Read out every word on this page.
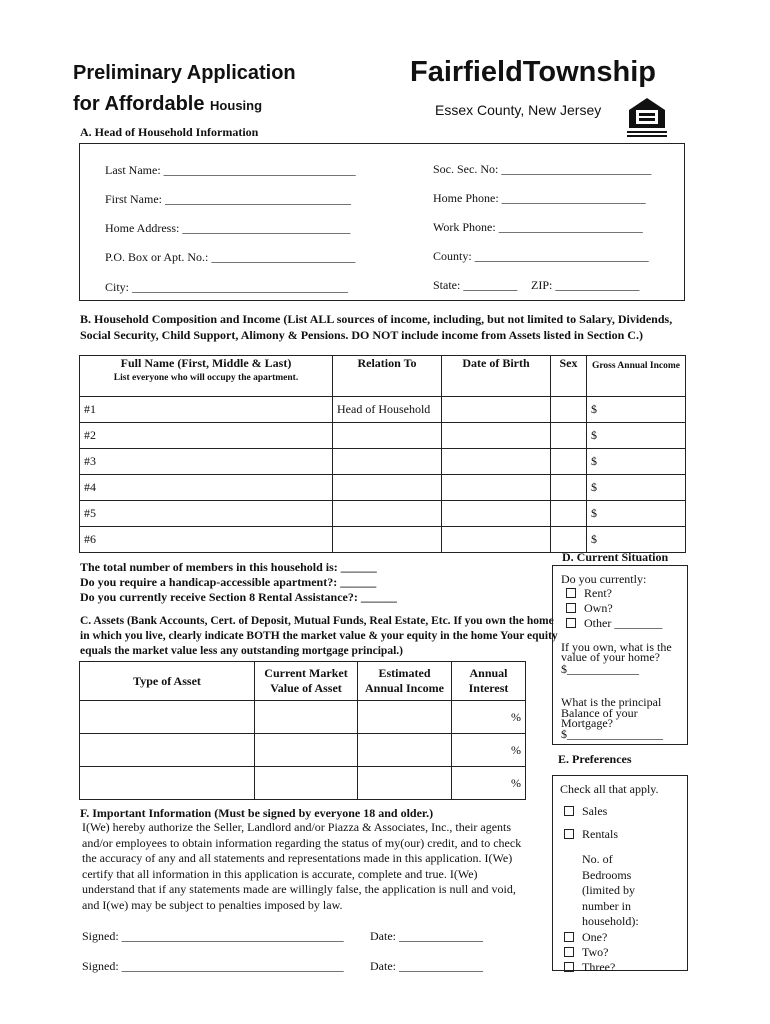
Preliminary Application
for Affordable Housing
FairfieldTownship
Essex County, New Jersey
A. Head of Household Information
Last Name: ________________________________
First Name: _______________________________
Home Address: ____________________________
P.O. Box or Apt. No.: ________________________
City: ____________________________________
Soc. Sec. No: _________________________
Home Phone: ________________________
Work Phone: ________________________
County: _____________________________
State: _________ ZIP: ______________
B. Household Composition and Income (List ALL sources of income, including, but not limited to Salary, Dividends, Social Security, Child Support, Alimony & Pensions. DO NOT include income from Assets listed in Section C.)
Full Name (First, Middle & Last)
List everyone who will occupy the apartment.	Relation To	Date of Birth	Sex	Gross Annual Income
#1	Head of Household			$
#2				$
#3				$
#4				$
#5				$
#6				$
The total number of members in this household is: ______
Do you require a handicap-accessible apartment?: ______
Do you currently receive Section 8 Rental Assistance?: ______
C. Assets (Bank Accounts, Cert. of Deposit, Mutual Funds, Real Estate, Etc. If you own the home in which you live, clearly indicate BOTH the market value & your equity in the home Your equity equals the market value less any outstanding mortgage principal.)
Type of Asset	Current Market Value of Asset	Estimated Annual Income	Annual Interest
			%
			%
			%
D. Current Situation
Do you currently:
Rent?
Own?
Other ________
If you own, what is the value of your home?
$____________
What is the principal Balance of your Mortgage?
$________________
E. Preferences
Check all that apply.
Sales
Rentals
No. of Bedrooms (limited by number in household):
One?
Two?
Three?
F. Important Information (Must be signed by everyone 18 and older.)
I(We) hereby authorize the Seller, Landlord and/or Piazza & Associates, Inc., their agents and/or employees to obtain information regarding the status of my(our) credit, and to check the accuracy of any and all statements and representations made in this application. I(We) certify that all information in this application is accurate, complete and true. I(We) understand that if any statements made are willingly false, the application is null and void, and I(we) may be subject to penalties imposed by law.
Signed: _____________________________________ Date: ______________
Signed: _____________________________________ Date: ______________
